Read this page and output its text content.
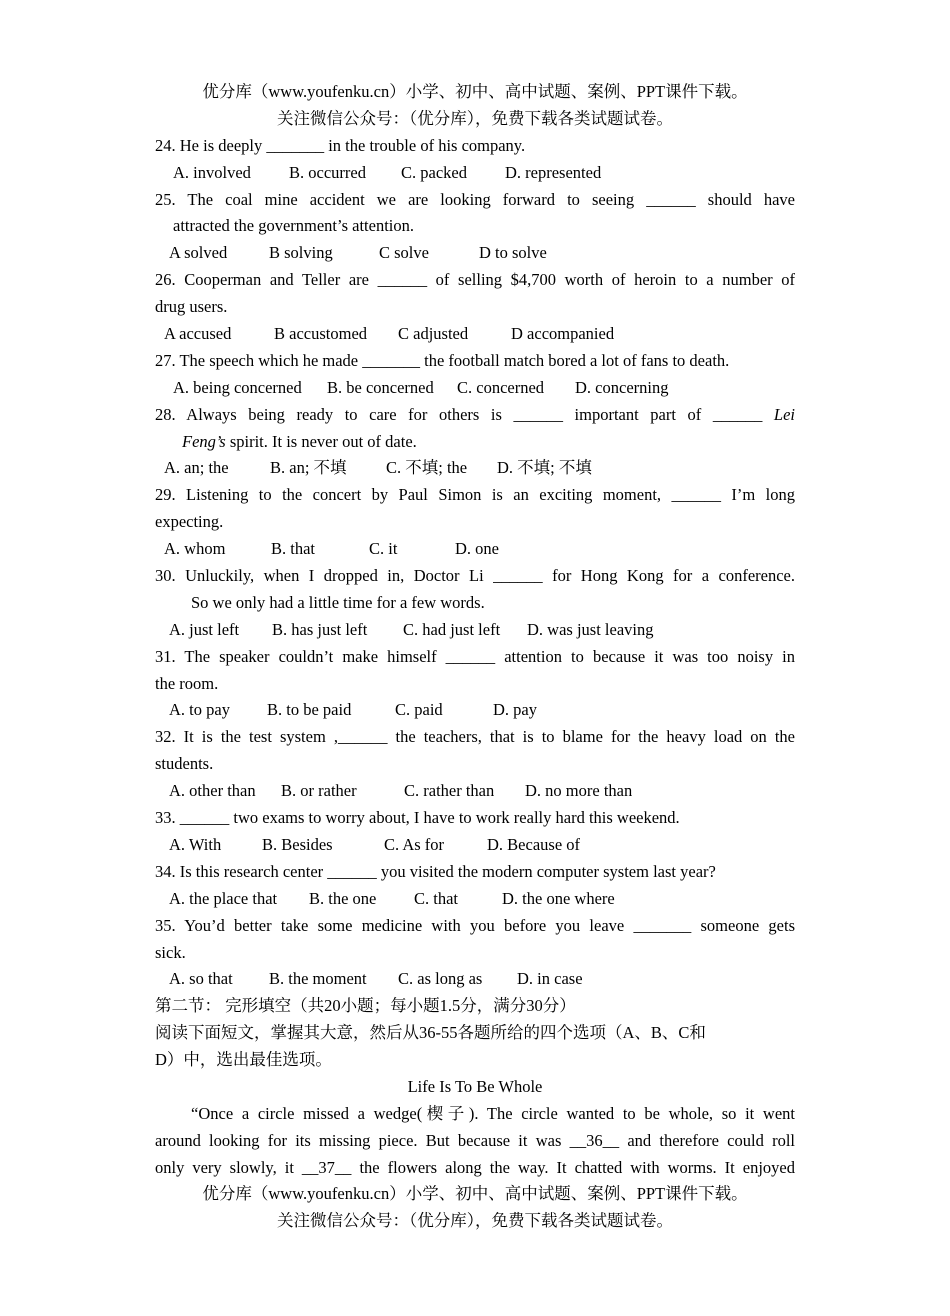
优分库（www.youfenku.cn）小学、初中、高中试题、案例、PPT课件下载。
关注微信公众号：（优分库），免费下载各类试题试卷。
24. He is deeply _______ in the trouble of his company.
A. involved B. occurred C. packed D. represented
25. The coal mine accident we are looking forward to seeing ______ should have
attracted the government’s attention.
A solved	B solving	C solve	D to solve
26. Cooperman and Teller are ______ of selling $4,700 worth of heroin to a number of
drug users.
A accused	B accustomed C adjusted	D accompanied
27. The speech which he made _______ the football match bored a lot of fans to death.
A. being concerned B. be concerned C. concerned D. concerning
28. Always being ready to care for others is ______ important part of ______ Lei
Feng’s spirit. It is never out of date.
A. an; the	B. an; 不填 C. 不填; the D. 不填; 不填
29. Listening to the concert by Paul Simon is an exciting moment, ______ I’m long
expecting.
A. whom	B. that	C. it	D. one
30. Unluckily, when I dropped in, Doctor Li ______ for Hong Kong for a conference.
So we only had a little time for a few words.
A. just left B. has just left C. had just left D. was just leaving
31. The speaker couldn’t make himself ______ attention to because it was too noisy in
the room.
A. to pay B. to be paid	C. paid	D. pay
32. It is the test system ,______ the teachers, that is to blame for the heavy load on the
students.
A. other than B. or rather	C. rather than D. no more than
33. ______ two exams to worry about, I have to work really hard this weekend.
A. With B. Besides	C. As for	D. Because of
34. Is this research center ______ you visited the modern computer system last year?
A. the place that B. the one C. that	D. the one where
35. You’d better take some medicine with you before you leave _______ someone gets
sick.
A. so that B. the moment C. as long as D. in case
第二节： 完形填空（共20小题；每小题1.5分，满分30分）
阅读下面短文，掌握其大意，然后从36-55各题所给的四个选项（A、B、C和
D）中，选出最佳选项。
Life Is To Be Whole
“Once a circle missed a wedge(楔子). The circle wanted to be whole, so it went
around looking for its missing piece. But because it was __36__ and therefore could roll
only very slowly, it __37__ the flowers along the way. It chatted with worms. It enjoyed
优分库（www.youfenku.cn）小学、初中、高中试题、案例、PPT课件下载。
关注微信公众号：（优分库），免费下载各类试题试卷。
